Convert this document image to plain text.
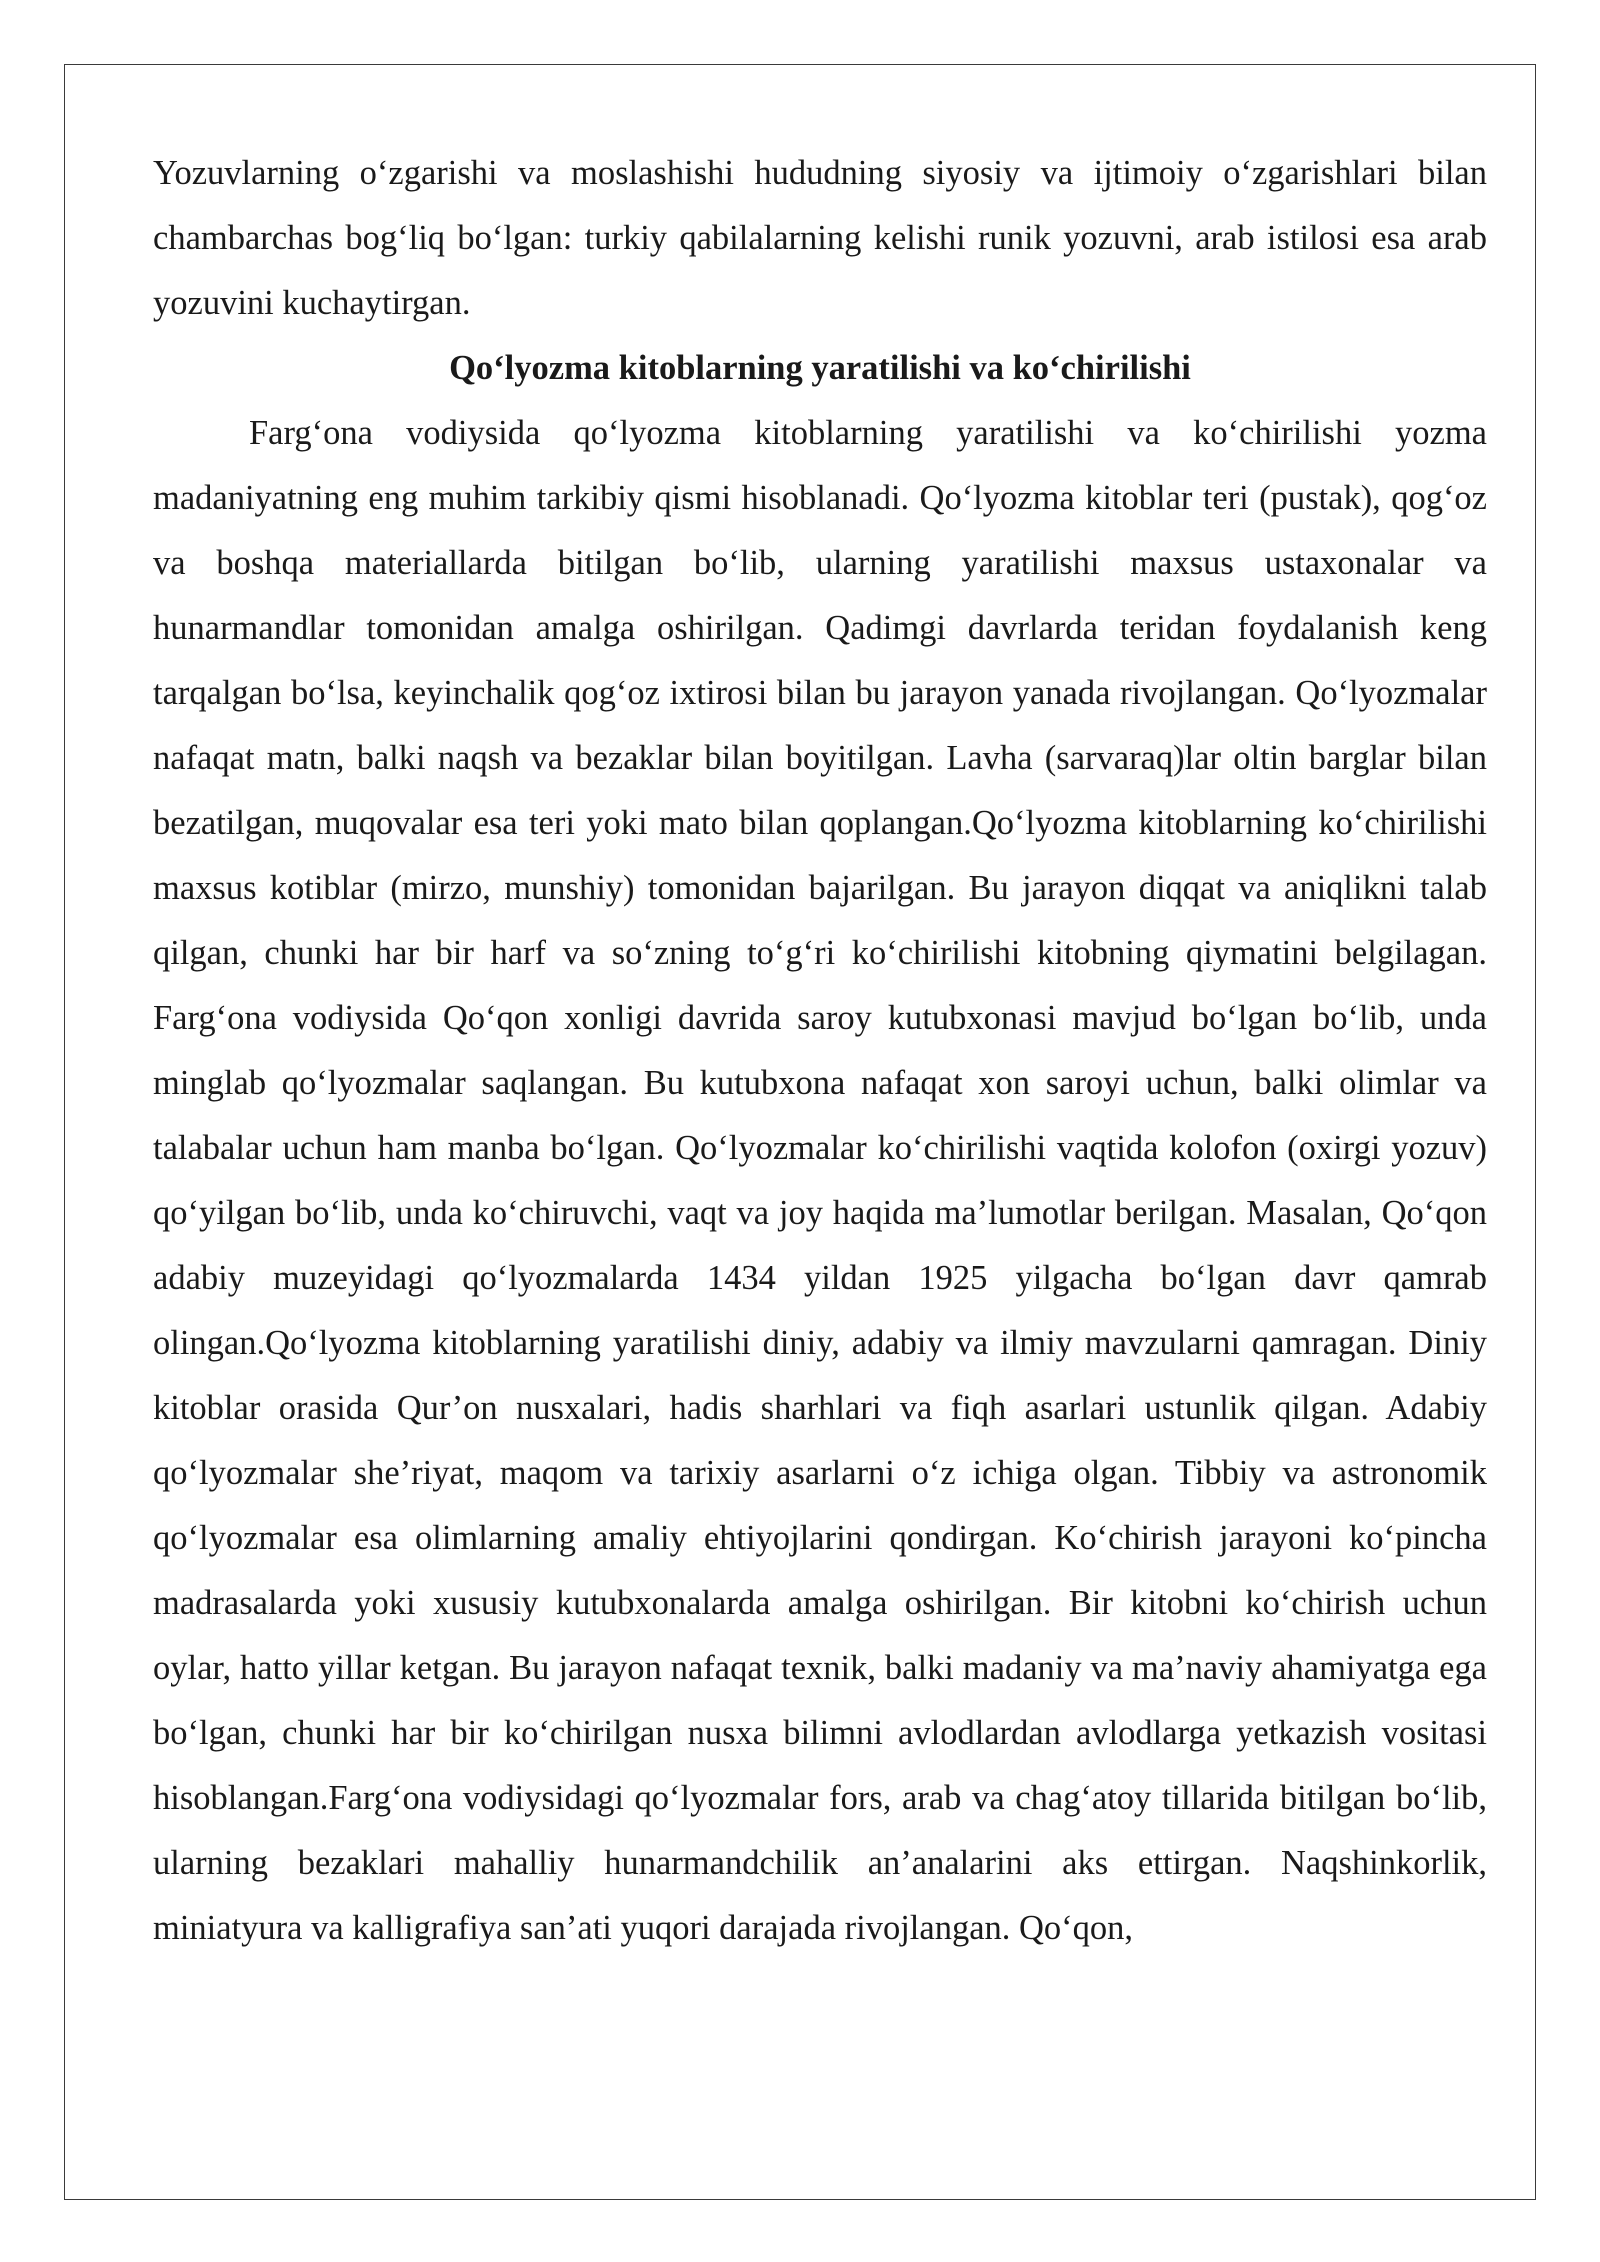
Yozuvlarning o‘zgarishi va moslashishi hududning siyosiy va ijtimoiy o‘zgarishlari bilan chambarchas bog‘liq bo‘lgan: turkiy qabilalarning kelishi runik yozuvni, arab istilosi esa arab yozuvini kuchaytirgan.

Qo‘lyozma kitoblarning yaratilishi va ko‘chirilishi

Farg‘ona vodiysida qo‘lyozma kitoblarning yaratilishi va ko‘chirilishi yozma madaniyatning eng muhim tarkibiy qismi hisoblanadi. Qo‘lyozma kitoblar teri (pustak), qog‘oz va boshqa materiallarda bitilgan bo‘lib, ularning yaratilishi maxsus ustaxonalar va hunarmandlar tomonidan amalga oshirilgan. Qadimgi davrlarda teridan foydalanish keng tarqalgan bo‘lsa, keyinchalik qog‘oz ixtirosi bilan bu jarayon yanada rivojlangan. Qo‘lyozmalar nafaqat matn, balki naqsh va bezaklar bilan boyitilgan. Lavha (sarvaraq)lar oltin barglar bilan bezatilgan, muqovalar esa teri yoki mato bilan qoplangan.Qo‘lyozma kitoblarning ko‘chirilishi maxsus kotiblar (mirzo, munshiy) tomonidan bajarilgan. Bu jarayon diqqat va aniqlikni talab qilgan, chunki har bir harf va so‘zning to‘g‘ri ko‘chirilishi kitobning qiymatini belgilagan. Farg‘ona vodiysida Qo‘qon xonligi davrida saroy kutubxonasi mavjud bo‘lgan bo‘lib, unda minglab qo‘lyozmalar saqlangan. Bu kutubxona nafaqat xon saroyi uchun, balki olimlar va talabalar uchun ham manba bo‘lgan. Qo‘lyozmalar ko‘chirilishi vaqtida kolofon (oxirgi yozuv) qo‘yilgan bo‘lib, unda ko‘chiruvchi, vaqt va joy haqida ma’lumotlar berilgan. Masalan, Qo‘qon adabiy muzeyidagi qo‘lyozmalarda 1434 yildan 1925 yilgacha bo‘lgan davr qamrab olingan.Qo‘lyozma kitoblarning yaratilishi diniy, adabiy va ilmiy mavzularni qamragan. Diniy kitoblar orasida Qur’on nusxalari, hadis sharhlari va fiqh asarlari ustunlik qilgan. Adabiy qo‘lyozmalar she’riyat, maqom va tarixiy asarlarni o‘z ichiga olgan. Tibbiy va astronomik qo‘lyozmalar esa olimlarning amaliy ehtiyojlarini qondirgan. Ko‘chirish jarayoni ko‘pincha madrasalarda yoki xususiy kutubxonalarda amalga oshirilgan. Bir kitobni ko‘chirish uchun oylar, hatto yillar ketgan. Bu jarayon nafaqat texnik, balki madaniy va ma’naviy ahamiyatga ega bo‘lgan, chunki har bir ko‘chirilgan nusxa bilimni avlodlardan avlodlarga yetkazish vositasi hisoblangan.Farg‘ona vodiysidagi qo‘lyozmalar fors, arab va chag‘atoy tillarida bitilgan bo‘lib, ularning bezaklari mahalliy hunarmandchilik an’analarini aks ettirgan. Naqshinkorlik, miniatyura va kalligrafiya san’ati yuqori darajada rivojlangan. Qo‘qon,
